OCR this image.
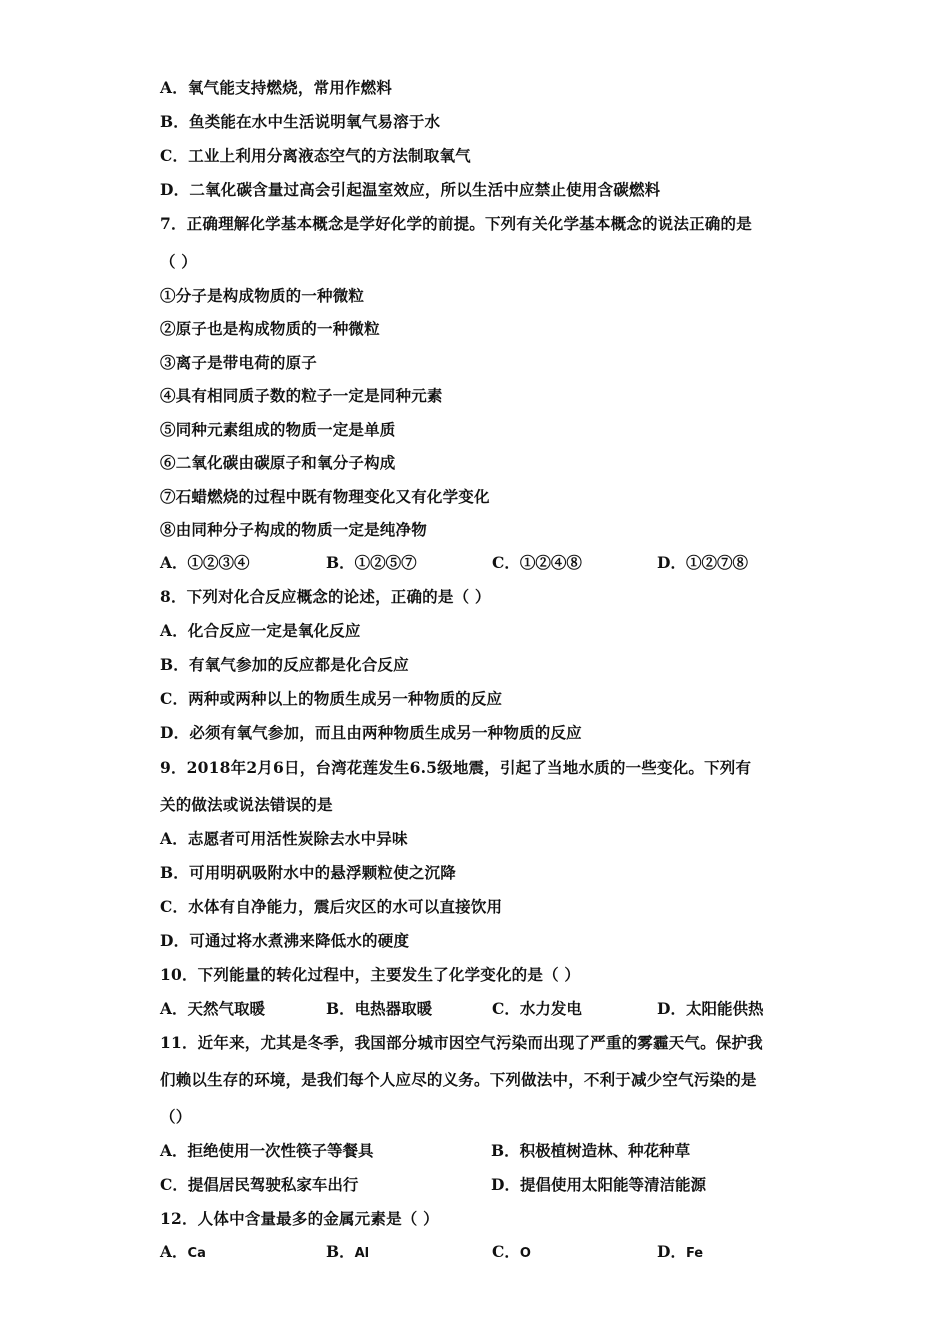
A．氧气能支持燃烧，常用作燃料
B．鱼类能在水中生活说明氧气易溶于水
C．工业上利用分离液态空气的方法制取氧气
D．二氧化碳含量过高会引起温室效应，所以生活中应禁止使用含碳燃料
7．正确理解化学基本概念是学好化学的前提。下列有关化学基本概念的说法正确的是
（ ）
①分子是构成物质的一种微粒
②原子也是构成物质的一种微粒
③离子是带电荷的原子
④具有相同质子数的粒子一定是同种元素
⑤同种元素组成的物质一定是单质
⑥二氧化碳由碳原子和氧分子构成
⑦石蜡燃烧的过程中既有物理变化又有化学变化
⑧由同种分子构成的物质一定是纯净物
A．①②③④	B．①②⑤⑦	C．①②④⑧	D．①②⑦⑧
8．下列对化合反应概念的论述，正确的是（ ）
A．化合反应一定是氧化反应
B．有氧气参加的反应都是化合反应
C．两种或两种以上的物质生成另一种物质的反应
D．必须有氧气参加，而且由两种物质生成另一种物质的反应
9．2018年2月6日，台湾花莲发生6.5级地震，引起了当地水质的一些变化。下列有
关的做法或说法错误的是
A．志愿者可用活性炭除去水中异味
B．可用明矾吸附水中的悬浮颗粒使之沉降
C．水体有自净能力，震后灾区的水可以直接饮用
D．可通过将水煮沸来降低水的硬度
10．下列能量的转化过程中，主要发生了化学变化的是（ ）
A．天然气取暖	B．电热器取暖	C．水力发电	D．太阳能供热
11．近年来，尤其是冬季，我国部分城市因空气污染而出现了严重的雾霾天气。保护我
们赖以生存的环境，是我们每个人应尽的义务。下列做法中，不利于减少空气污染的是
（）
A．拒绝使用一次性筷子等餐具	B．积极植树造林、种花种草
C．提倡居民驾驶私家车出行	D．提倡使用太阳能等清洁能源
12．人体中含量最多的金属元素是（ ）
A．Ca	B．Al	C．O	D．Fe
